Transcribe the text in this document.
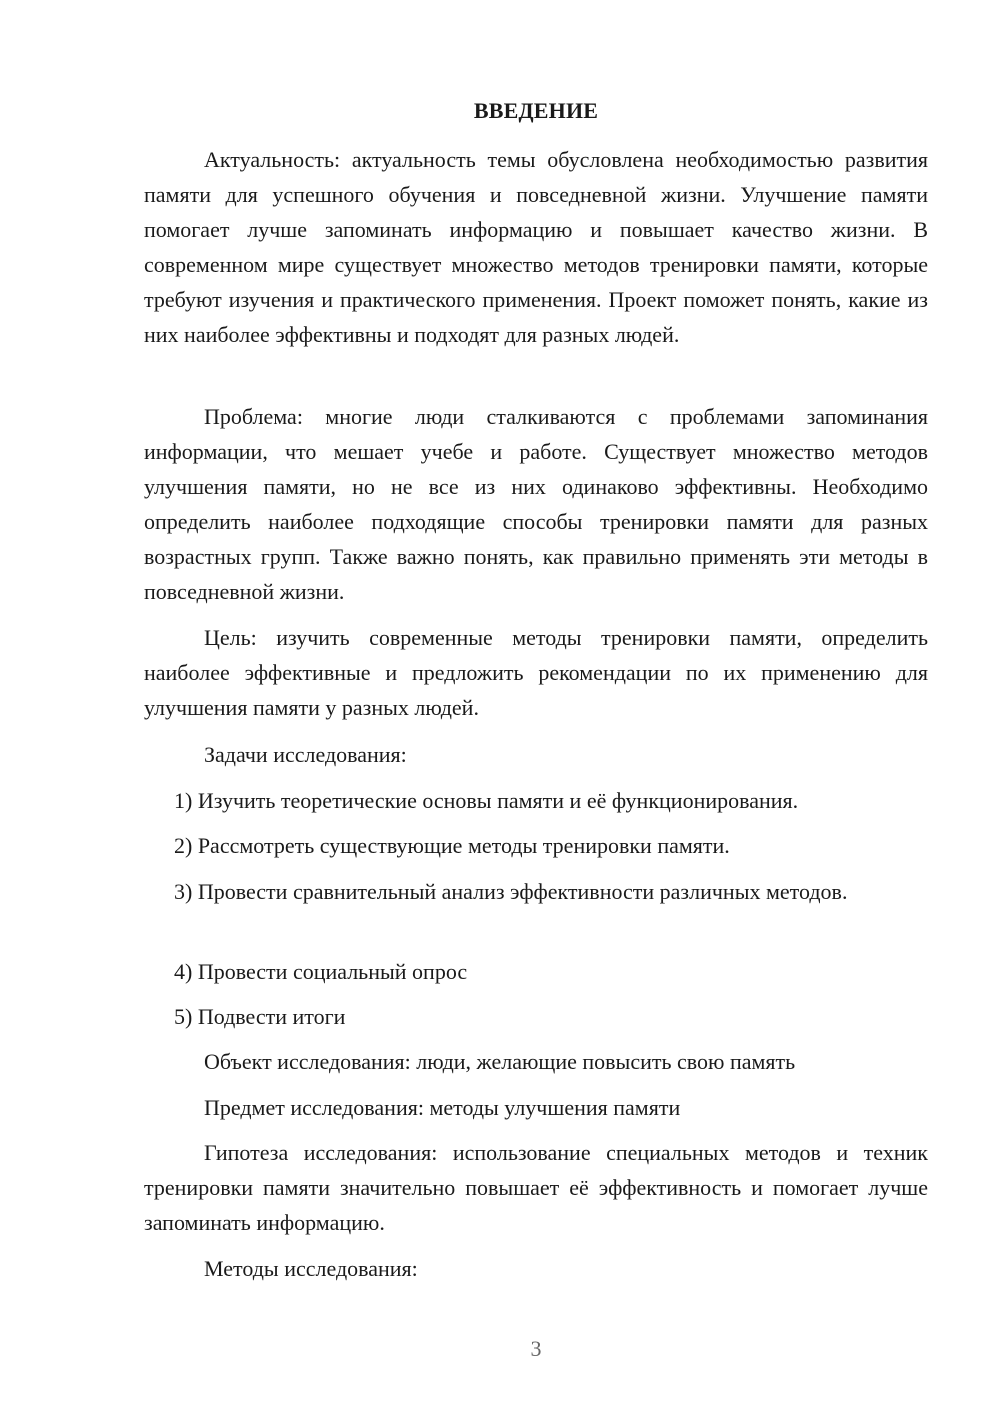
ВВЕДЕНИЕ

Актуальность: актуальность темы обусловлена необходимостью развития памяти для успешного обучения и повседневной жизни. Улучшение памяти помогает лучше запоминать информацию и повышает качество жизни. В современном мире существует множество методов тренировки памяти, которые требуют изучения и практического применения. Проект поможет понять, какие из них наиболее эффективны и подходят для разных людей.

Проблема: многие люди сталкиваются с проблемами запоминания информации, что мешает учебе и работе. Существует множество методов улучшения памяти, но не все из них одинаково эффективны. Необходимо определить наиболее подходящие способы тренировки памяти для разных возрастных групп. Также важно понять, как правильно применять эти методы в повседневной жизни.

Цель: изучить современные методы тренировки памяти, определить наиболее эффективные и предложить рекомендации по их применению для улучшения памяти у разных людей.

Задачи исследования:

1) Изучить теоретические основы памяти и её функционирования.

2) Рассмотреть существующие методы тренировки памяти.

3) Провести сравнительный анализ эффективности различных методов.

4) Провести социальный опрос

5) Подвести итоги

Объект исследования: люди, желающие повысить свою память

Предмет исследования: методы улучшения памяти

Гипотеза исследования: использование специальных методов и техник тренировки памяти значительно повышает её эффективность и помогает лучше запоминать информацию.

Методы исследования:

3
